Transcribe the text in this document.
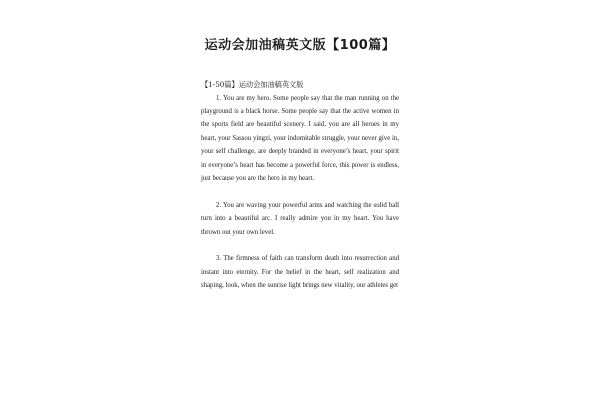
运动会加油稿英文版【100篇】
【1-50篇】运动会加油稿英文版

1. You are my hero. Some people say that the man running on the playground is a black horse. Some people say that the active women in the sports field are beautiful scenery. I said, you are all heroes in my heart, your Sassou yingzi, your indomitable struggle, your never give in, your self challenge, are deeply branded in everyone’s heart, your spirit in everyone’s heart has become a powerful force, this power is endless, just because you are the hero in my heart.

2. You are waving your powerful arms and watching the solid ball turn into a beautiful arc. I really admire you in my heart. You have thrown out your own level.

3. The firmness of faith can transform death into resurrection and instant into eternity. For the belief in the heart, self realization and shaping, look, when the sunrise light brings new vitality, our athletes get
